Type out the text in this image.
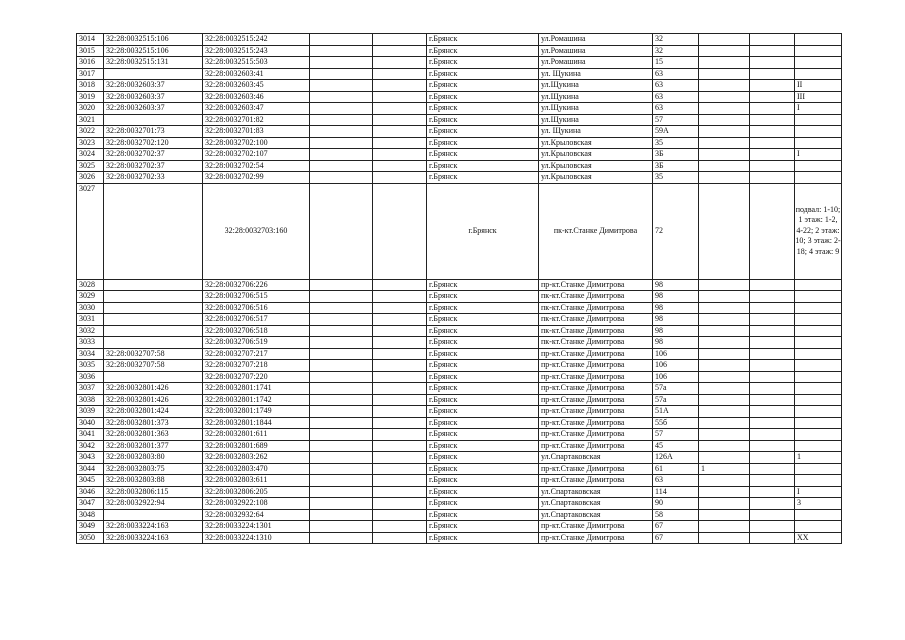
3014	32:28:0032515:106	32:28:0032515:242			г.Брянск	ул.Ромашина	32			
3015	32:28:0032515:106	32:28:0032515:243			г.Брянск	ул.Ромашина	32			
3016	32:28:0032515:131	32:28:0032515:503			г.Брянск	ул.Ромашина	15			
3017		32:28:0032603:41			г.Брянск	ул. Щукина	63			
3018	32:28:0032603:37	32:28:0032603:45			г.Брянск	ул.Щукина	63			II
3019	32:28:0032603:37	32:28:0032603:46			г.Брянск	ул.Щукина	63			III
3020	32:28:0032603:37	32:28:0032603:47			г.Брянск	ул.Щукина	63			I
3021		32:28:0032701:82			г.Брянск	ул.Щукина	57			
3022	32:28:0032701:73	32:28:0032701:83			г.Брянск	ул. Щукина	59А			
3023	32:28:0032702:120	32:28:0032702:100			г.Брянск	ул.Крыловская	35			
3024	32:28:0032702:37	32:28:0032702:107			г.Брянск	ул.Крыловская	3Б			I
3025	32:28:0032702:37	32:28:0032702:54			г.Брянск	ул.Крыловская	3Б			
3026	32:28:0032702:33	32:28:0032702:99			г.Брянск	ул.Крыловская	35			
3027		32:28:0032703:160			г.Брянск	пк-кт.Станке Димитрова	72			подвал: 1-10; 1 этаж: 1-2, 4-22; 2 этаж: 10; 3 этаж: 2-18; 4 этаж: 9
3028		32:28:0032706:226			г.Брянск	пр-кт.Станке Димитрова	98			
3029		32:28:0032706:515			г.Брянск	пк-кт.Станке Димитрова	98			
3030		32:28:0032706:516			г.Брянск	пк-кт.Станке Димитрова	98			
3031		32:28:0032706:517			г.Брянск	пк-кт.Станке Димитрова	98			
3032		32:28:0032706:518			г.Брянск	пк-кт.Станке Димитрова	98			
3033		32:28:0032706:519			г.Брянск	пк-кт.Станке Димитрова	98			
3034	32:28:0032707:58	32:28:0032707:217			г.Брянск	пр-кт.Станке Димитрова	106			
3035	32:28:0032707:58	32:28:0032707:218			г.Брянск	пр-кт.Станке Димитрова	106			
3036		32:28:0032707:220			г.Брянск	пр-кт.Станке Димитрова	106			
3037	32:28:0032801:426	32:28:0032801:1741			г.Брянск	пр-кт.Станке Димитрова	57а			
3038	32:28:0032801:426	32:28:0032801:1742			г.Брянск	пр-кт.Станке Димитрова	57а			
3039	32:28:0032801:424	32:28:0032801:1749			г.Брянск	пр-кт.Станке Димитрова	51А			
3040	32:28:0032801:373	32:28:0032801:1844			г.Брянск	пр-кт.Станке Димитрова	55б			
3041	32:28:0032801:363	32:28:0032801:611			г.Брянск	пр-кт.Станке Димитрова	57			
3042	32:28:0032801:377	32:28:0032801:689			г.Брянск	пр-кт.Станке Димитрова	45			
3043	32:28:0032803:80	32:28:0032803:262			г.Брянск	ул.Спартаковская	126А			1
3044	32:28:0032803:75	32:28:0032803:470			г.Брянск	пр-кт.Станке Димитрова	61	1		
3045	32:28:0032803:88	32:28:0032803:611			г.Брянск	пр-кт.Станке Димитрова	63			
3046	32:28:0032806:115	32:28:0032806:205			г.Брянск	ул.Спартаковская	114			I
3047	32:28:0032922:94	32:28:0032922:108			г.Брянск	ул.Спартаковская	90			3
3048		32:28:0032932:64			г.Брянск	ул.Спартаковская	58			
3049	32:28:0033224:163	32:28:0033224:1301			г.Брянск	пр-кт.Станке Димитрова	67			
3050	32:28:0033224:163	32:28:0033224:1310			г.Брянск	пр-кт.Станке Димитрова	67			XX
